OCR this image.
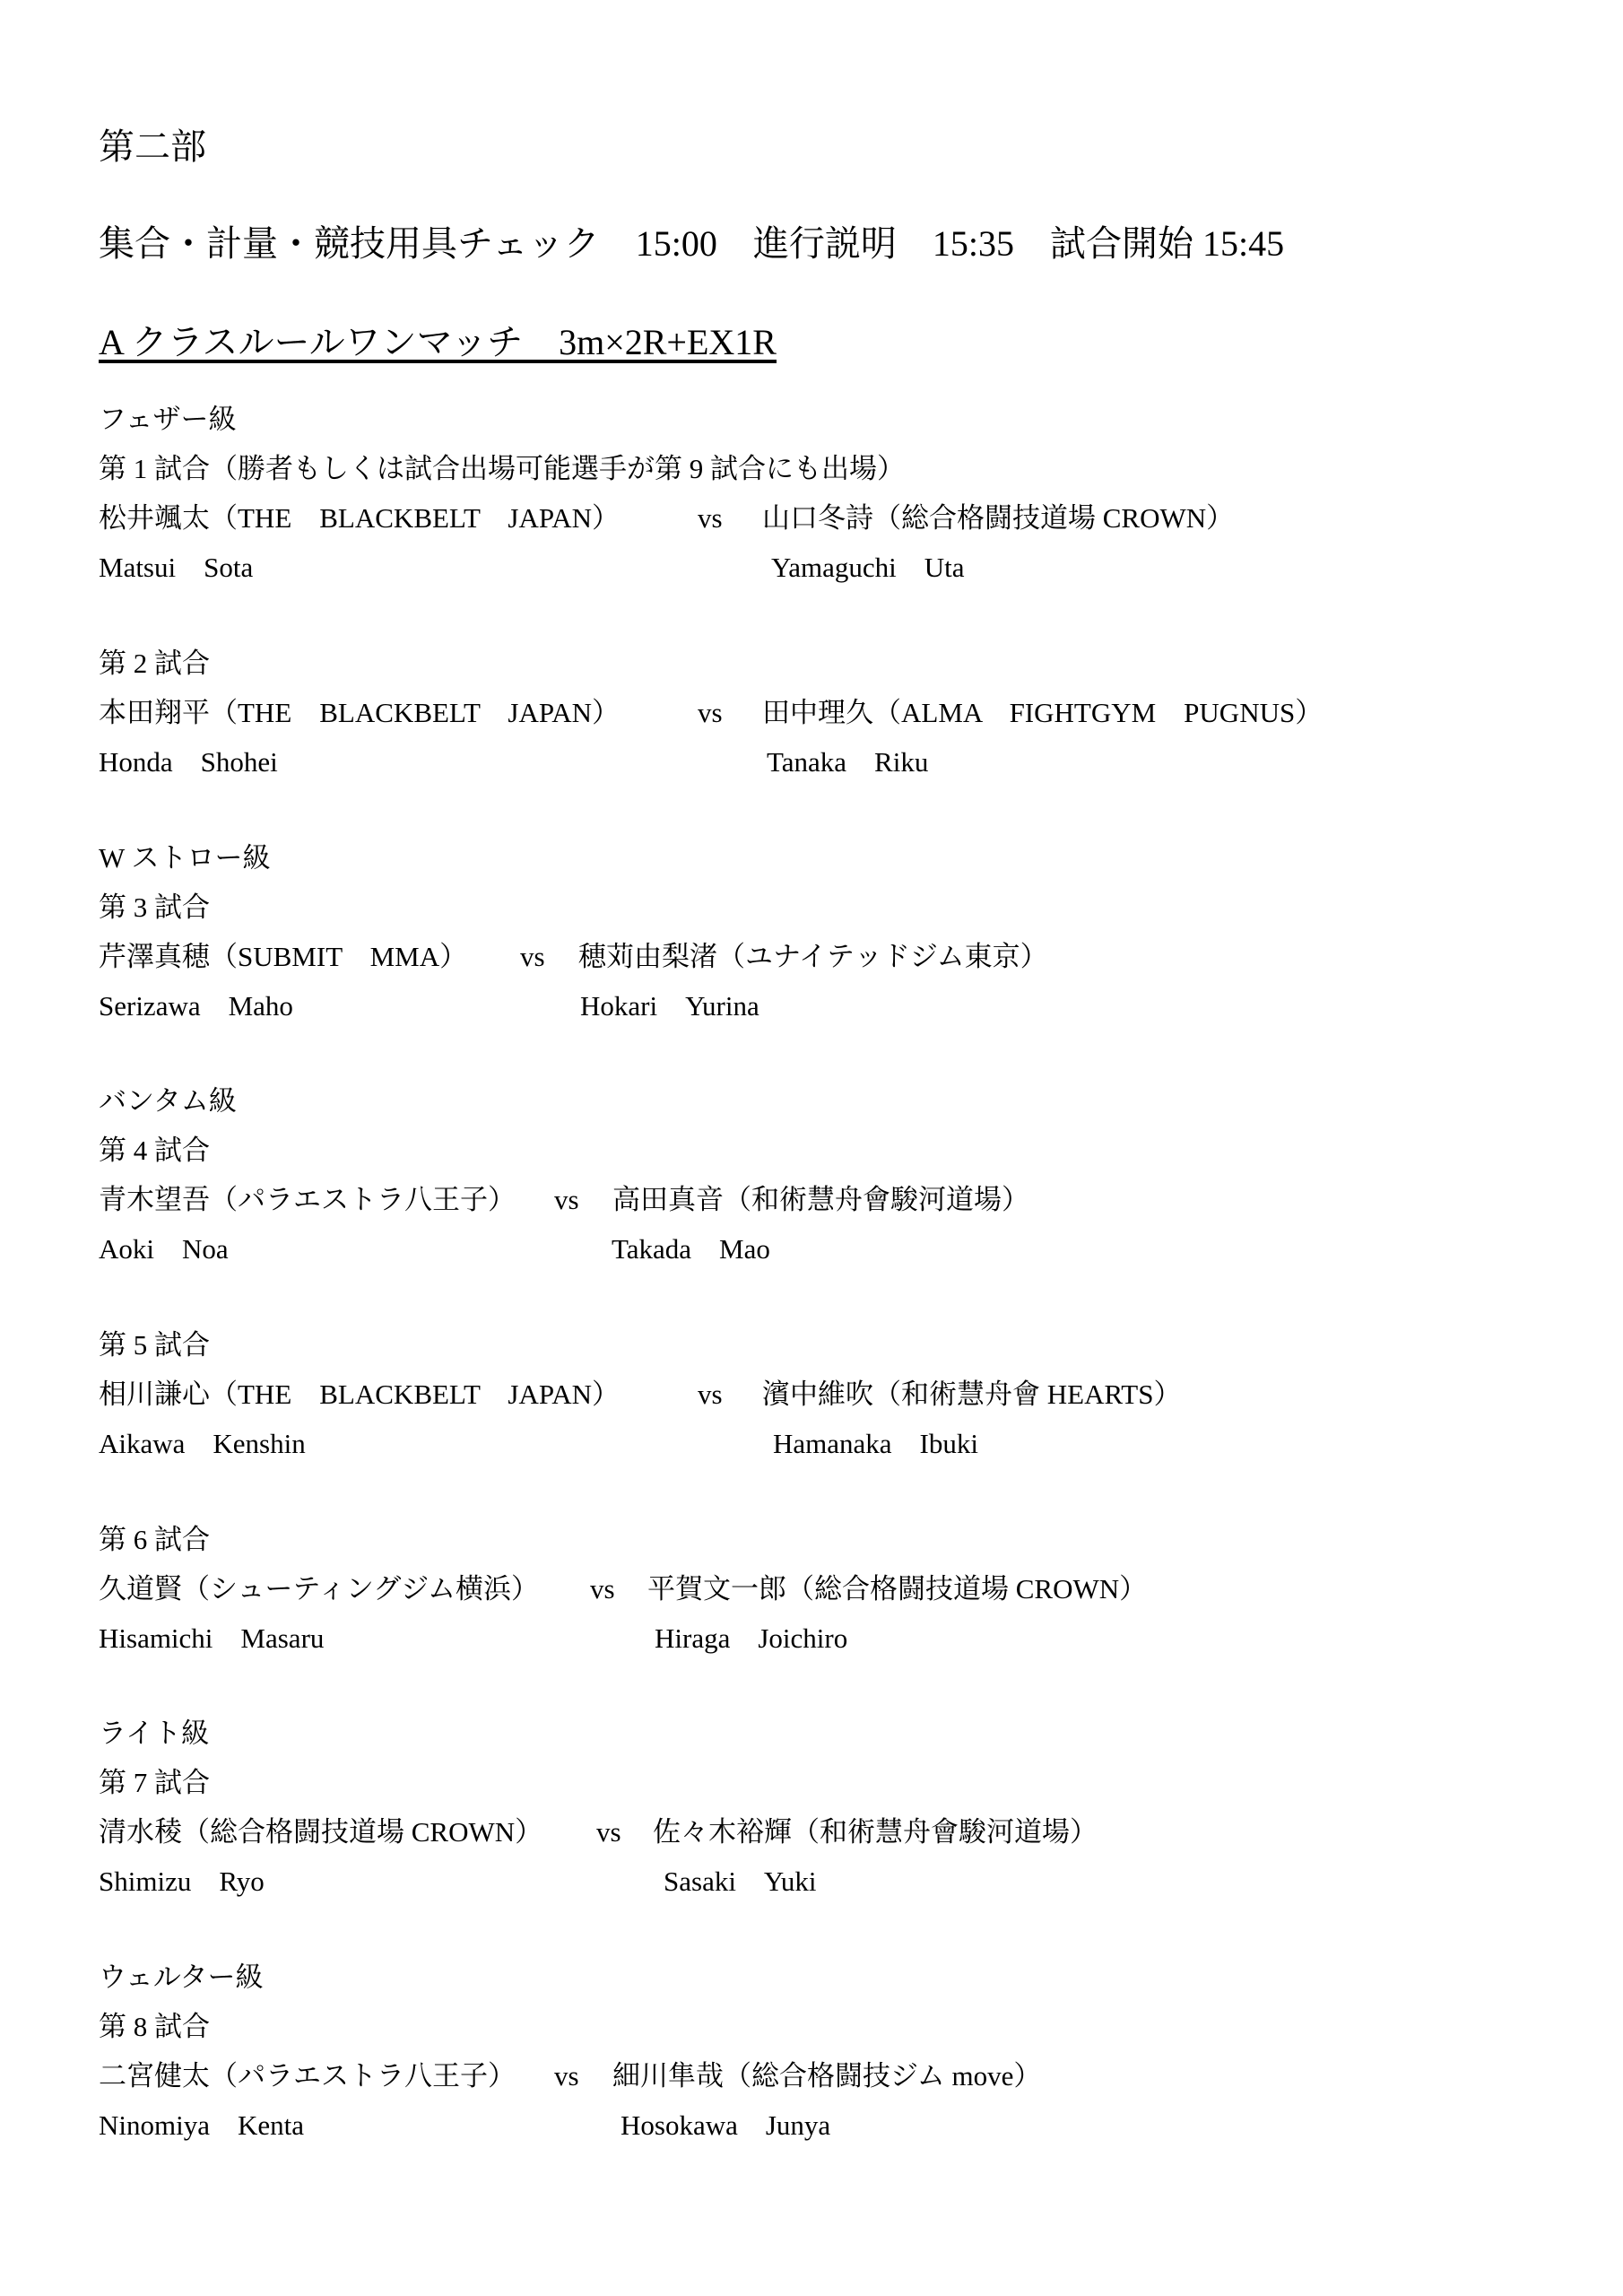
第二部
集合・計量・競技用具チェック　15:00　進行説明　15:35　試合開始 15:45
A クラスルールワンマッチ　3m×2R+EX1R
フェザー級
第 1 試合（勝者もしくは試合出場可能選手が第 9 試合にも出場）
松井颯太（THE　BLACKBELT　JAPAN）	vs 山口冬詩（総合格闘技道場 CROWN）
Matsui　Sota	Yamaguchi　Uta
第 2 試合
本田翔平（THE　BLACKBELT　JAPAN）	vs 田中理久（ALMA　FIGHTGYM　PUGNUS）
Honda　Shohei	Tanaka　Riku
W ストロー級
第 3 試合
芹澤真穂（SUBMIT　MMA） vs 穂苅由梨渚（ユナイテッドジム東京）
Serizawa　Maho	Hokari　Yurina
バンタム級
第 4 試合
青木望吾（パラエストラ八王子） vs 高田真音（和術慧舟會駿河道場）
Aoki　Noa	Takada　Mao
第 5 試合
相川謙心（THE　BLACKBELT　JAPAN）	vs 濱中維吹（和術慧舟會 HEARTS）
Aikawa　Kenshin	Hamanaka　Ibuki
第 6 試合
久道賢（シューティングジム横浜） vs 平賀文一郎（総合格闘技道場 CROWN）
Hisamichi　Masaru	Hiraga　Joichiro
ライト級
第 7 試合
清水稜（総合格闘技道場 CROWN） vs 佐々木裕輝（和術慧舟會駿河道場）
Shimizu　Ryo	Sasaki　Yuki
ウェルター級
第 8 試合
二宮健太（パラエストラ八王子） vs 細川隼哉（総合格闘技ジム move）
Ninomiya　Kenta	Hosokawa　Junya
